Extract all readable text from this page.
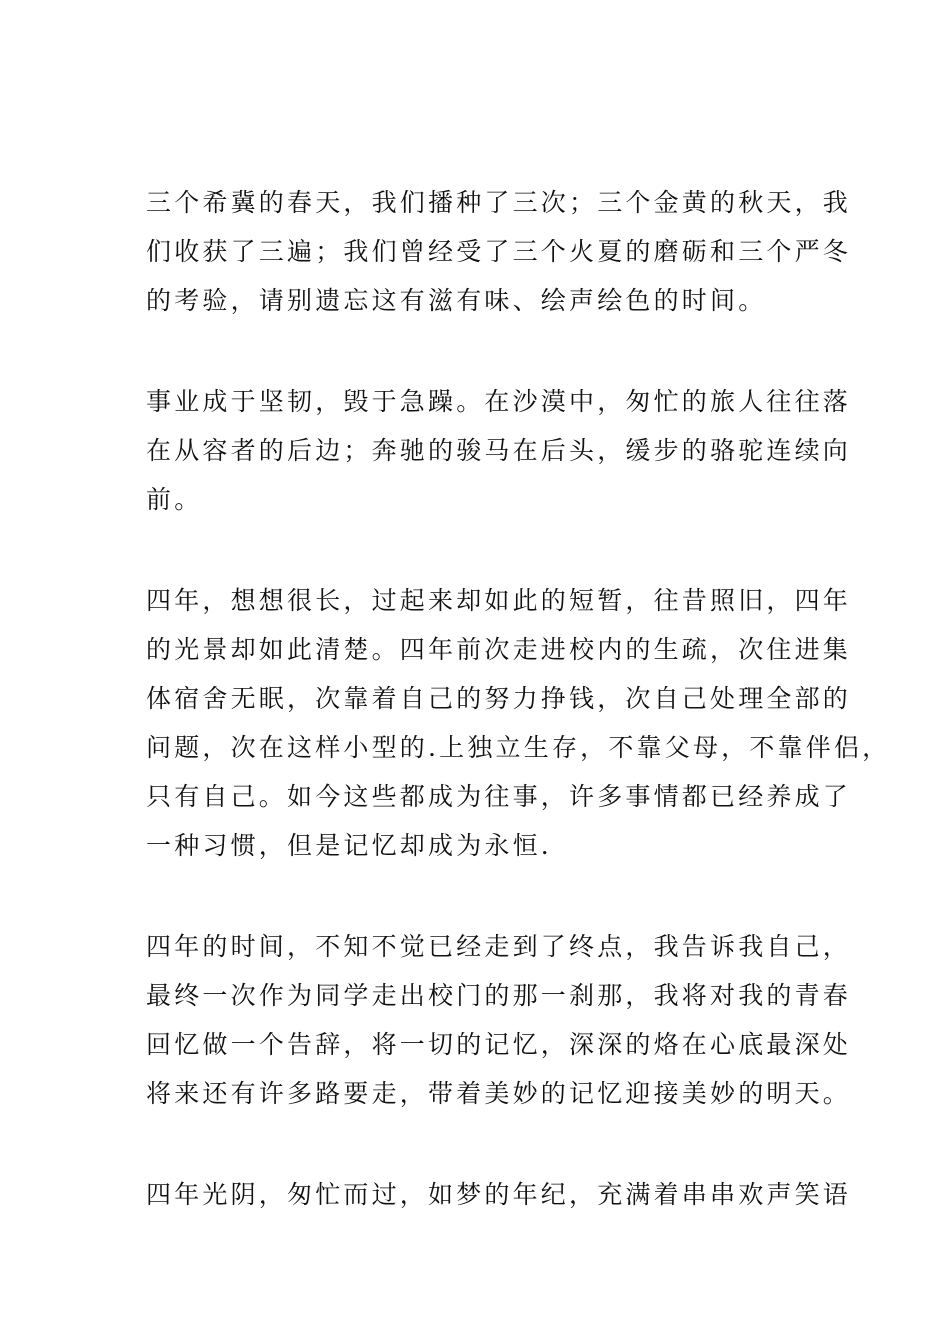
三个希冀的春天，我们播种了三次；三个金黄的秋天，我
们收获了三遍；我们曾经受了三个火夏的磨砺和三个严冬
的考验，请别遗忘这有滋有味、绘声绘色的时间。

事业成于坚韧，毁于急躁。在沙漠中，匆忙的旅人往往落
在从容者的后边；奔驰的骏马在后头，缓步的骆驼连续向
前。

四年，想想很长，过起来却如此的短暂，往昔照旧，四年
的光景却如此清楚。四年前次走进校内的生疏，次住进集
体宿舍无眠，次靠着自己的努力挣钱，次自己处理全部的
问题，次在这样小型的.上独立生存，不靠父母，不靠伴侣，
只有自己。如今这些都成为往事，许多事情都已经养成了
一种习惯，但是记忆却成为永恒.

四年的时间，不知不觉已经走到了终点，我告诉我自己，
最终一次作为同学走出校门的那一刹那，我将对我的青春
回忆做一个告辞，将一切的记忆，深深的烙在心底最深处
将来还有许多路要走，带着美妙的记忆迎接美妙的明天。

四年光阴，匆忙而过，如梦的年纪，充满着串串欢声笑语
